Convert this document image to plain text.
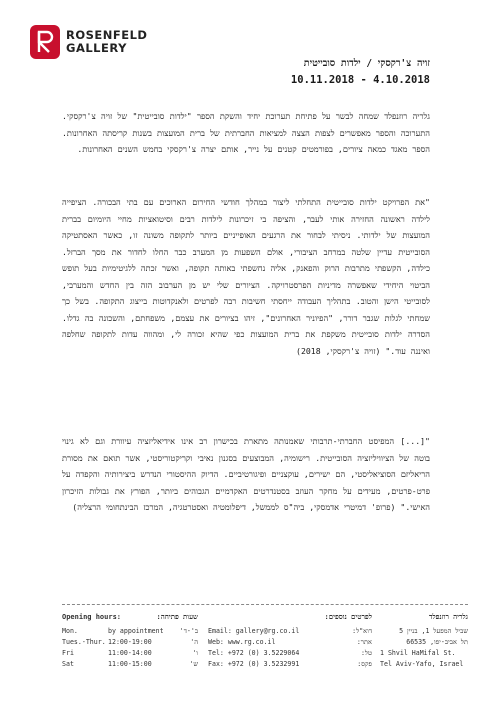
ROSENFELD
GALLERY

זויה צ'רקסקי / ילדות סובייטית

10.11.2018 - 4.10.2018

גלריה רוזנפלד שמחה לבשר על פתיחת תערוכת יחיד והשקת הספר "ילדות סובייטית" של זויה צ'רקסקי. התערוכה והספר מאפשרים לצפות הצצה למציאות החברתית של ברית המועצות בשנות קריסתה האחרונות. הספר מאגד כמאה ציורים, בפורמטים קטנים על נייר, אותם יצרה צ'רקסקי בחמש השנים האחרונות.

"את הפרויקט ילדות סובייטית התחלתי ליצור במהלך חודשי החירום הארוכים עם בתי הבכורה. הציפייה לילדה ראשונה החזירה אותי לעבר, והציפה בי זיכרונות לילדות רבים וסיטואציות מחיי היומיום בברית המועצות של ילדותי. ניסיתי לבחור את הרגעים האופייניים ביותר לתקופה משונה זו, כאשר האסתטיקה הסובייטית עדיין שלטה במרחב הציבורי, אולם השפעות מן המערב כבר החלו לחדור את מסך הברזל. כילדה, הקשפתי מתרבות הרוק והפאנק, אליה נחשפתי באותה תקופה, ואשר זכתה ללגיטימיות בעל תופש הביטוי היחידי שאפשרה מדיניות הפרסטרויקה. הציורים שלי יש מן הערבוב הזה בין החדש והמערבי, לסובייטי הישן והטוב. בתהליך העבודה ייחסתי חשיבות רבה לפרטים ולאנקדוטות בייצוג התקופה. בשל כך שמחתי לגלות שגבר דורר, "הפיוניר האחרונים", זיהו בציורים את עצמם, משפחתם, והשכונה בה גדלו. הסדרה ילדות סובייטית משקפת את ברית המועצות כפי שהיא זכורה לי, ומהווה עדות לתקופה שחלפה ואיננה עוד." (זויה צ'רקסקי, 2018)

"[...] המפיסט החברתי-תרבותי שאמנותה מתארת בכישרון רב אינו אידיאליזציה עיוורת וגם לא גינוי בוטה של הציוויליזציה הסובייטית. רישומיה, המבוצעים בסגנון נאיבי וקריקטוריסטי, אשר תואם את מסורת הריאליזם הסוציאליסטי, הם ישירים, עוקצניים ופיגורטיביים. הדיוק ההיסטורי הנדרש ביצירותיה והקפדה על פרט-פרטים, מעידים על מחקר העוזב בסטנדרטים האקדמיים הגבוהים ביותר, הפורץ את גבולות הזיכרון האישי." (פרופ' דמיטרי אדמסקי, ביה"ס לממשל, דיפלומטיה ואסטרטגיה, המרכז הבינתחומי הרצליה)

גלריה רוזנפלד
שביל המפעל 1, בניין 5
תל אביב-יפו, 66535
1 Shvil HaMifal St.
Tel Aviv-Yafo, Israel
לפרטים נוספים:
דוא"ל:
אתר:
טל:
פקס:
Email: gallery@rg.co.il
Web: www.rg.co.il
Tel: +972 (0) 3.5229064
Fax: +972 (0) 3.5232991
שעות פתיחה:
ב'-ד'
ה'
ו'
ש'
Opening hours:
Mon.
Tues.-Thur.
Fri
Sat
by appointment
12:00-19:00
11:00-14:00
11:00-15:00
